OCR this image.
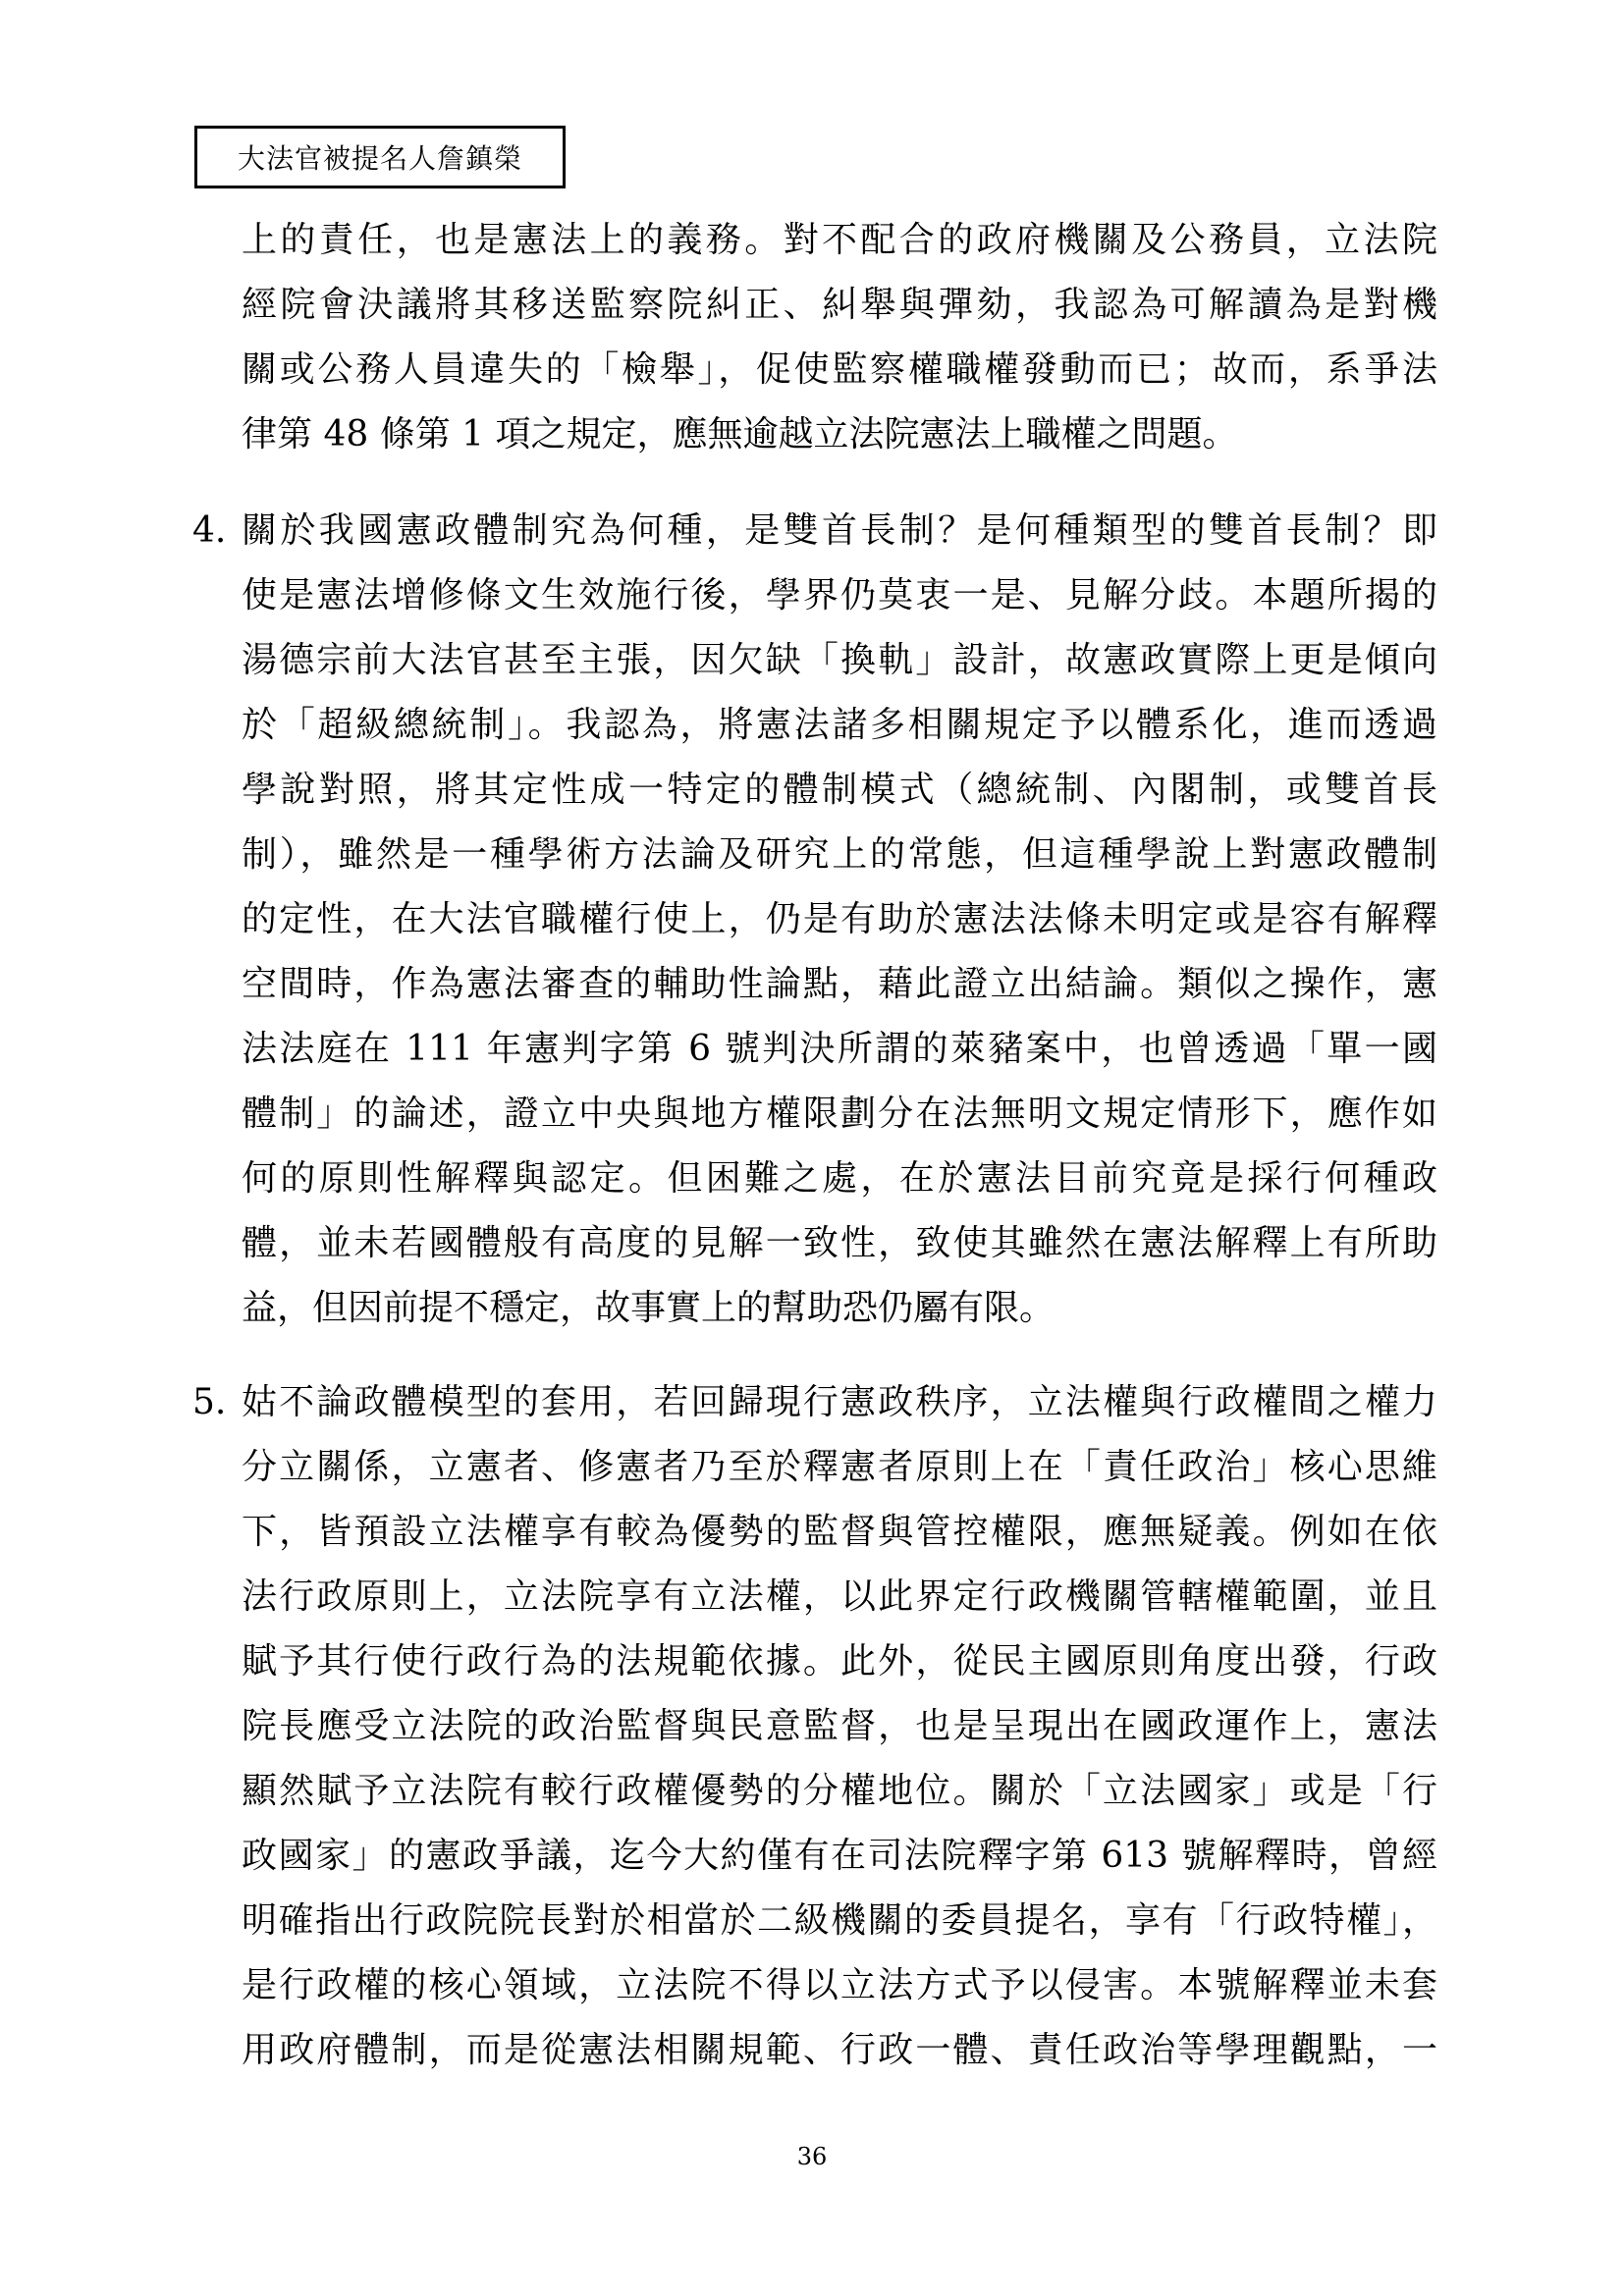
大法官被提名人詹鎮榮
上的責任，也是憲法上的義務。對不配合的政府機關及公務員，立法院
經院會決議將其移送監察院糾正、糾舉與彈劾，我認為可解讀為是對機
關或公務人員違失的「檢舉」，促使監察權職權發動而已；故而，系爭法
律第 48 條第 1 項之規定，應無逾越立法院憲法上職權之問題。
4. 關於我國憲政體制究為何種，是雙首長制？是何種類型的雙首長制？即
使是憲法增修條文生效施行後，學界仍莫衷一是、見解分歧。本題所揭的
湯德宗前大法官甚至主張，因欠缺「換軌」設計，故憲政實際上更是傾向
於「超級總統制」。我認為，將憲法諸多相關規定予以體系化，進而透過
學說對照，將其定性成一特定的體制模式（總統制、內閣制，或雙首長
制），雖然是一種學術方法論及研究上的常態，但這種學說上對憲政體制
的定性，在大法官職權行使上，仍是有助於憲法法條未明定或是容有解釋
空間時，作為憲法審查的輔助性論點，藉此證立出結論。類似之操作，憲
法法庭在 111 年憲判字第 6 號判決所謂的萊豬案中，也曾透過「單一國
體制」的論述，證立中央與地方權限劃分在法無明文規定情形下，應作如
何的原則性解釋與認定。但困難之處，在於憲法目前究竟是採行何種政
體，並未若國體般有高度的見解一致性，致使其雖然在憲法解釋上有所助
益，但因前提不穩定，故事實上的幫助恐仍屬有限。
5. 姑不論政體模型的套用，若回歸現行憲政秩序，立法權與行政權間之權力
分立關係，立憲者、修憲者乃至於釋憲者原則上在「責任政治」核心思維
下，皆預設立法權享有較為優勢的監督與管控權限，應無疑義。例如在依
法行政原則上，立法院享有立法權，以此界定行政機關管轄權範圍，並且
賦予其行使行政行為的法規範依據。此外，從民主國原則角度出發，行政
院長應受立法院的政治監督與民意監督，也是呈現出在國政運作上，憲法
顯然賦予立法院有較行政權優勢的分權地位。關於「立法國家」或是「行
政國家」的憲政爭議，迄今大約僅有在司法院釋字第 613 號解釋時，曾經
明確指出行政院院長對於相當於二級機關的委員提名，享有「行政特權」，
是行政權的核心領域，立法院不得以立法方式予以侵害。本號解釋並未套
用政府體制，而是從憲法相關規範、行政一體、責任政治等學理觀點，一
36
